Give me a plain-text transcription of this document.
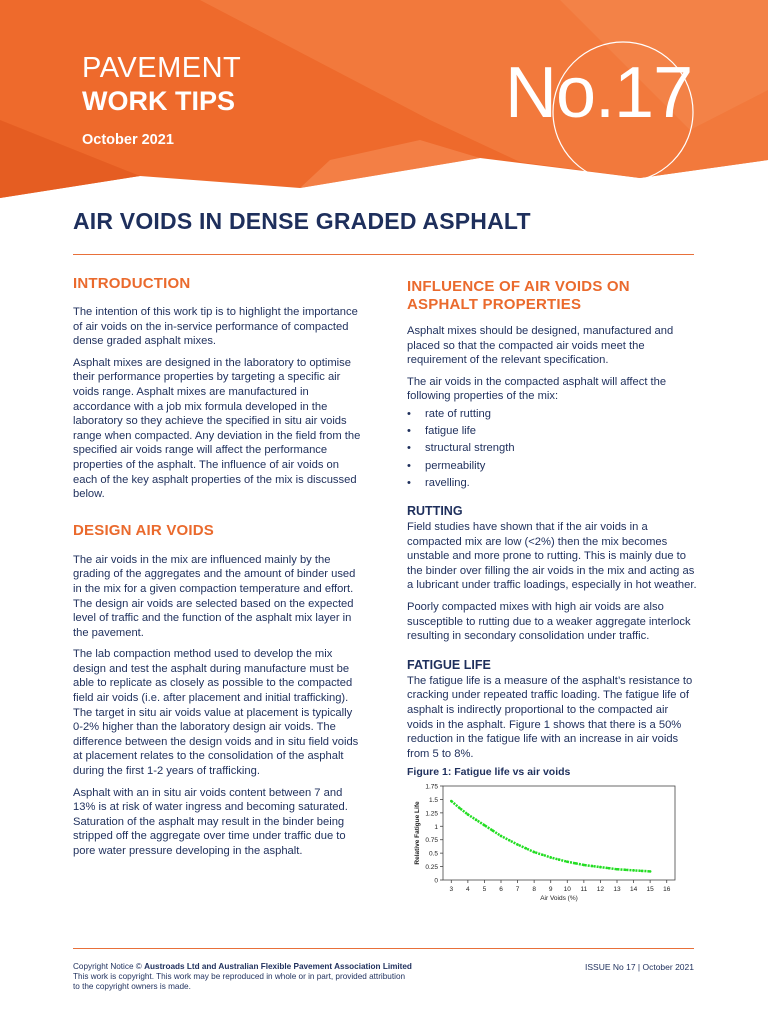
PAVEMENT
WORK TIPS
October 2021
No.17
AIR VOIDS IN DENSE GRADED ASPHALT
INTRODUCTION

The intention of this work tip is to highlight the importance of air voids on the in-service performance of compacted dense graded asphalt mixes.

Asphalt mixes are designed in the laboratory to optimise their performance properties by targeting a specific air voids range. Asphalt mixes are manufactured in accordance with a job mix formula developed in the laboratory so they achieve the specified in situ air voids range when compacted. Any deviation in the field from the specified air voids range will affect the performance properties of the asphalt. The influence of air voids on each of the key asphalt properties of the mix is discussed below.

DESIGN AIR VOIDS

The air voids in the mix are influenced mainly by the grading of the aggregates and the amount of binder used in the mix for a given compaction temperature and effort. The design air voids are selected based on the expected level of traffic and the function of the asphalt mix layer in the pavement.

The lab compaction method used to develop the mix design and test the asphalt during manufacture must be able to replicate as closely as possible to the compacted field air voids (i.e. after placement and initial trafficking). The target in situ air voids value at placement is typically 0-2% higher than the laboratory design air voids. The difference between the design voids and in situ field voids at placement relates to the consolidation of the asphalt during the first 1-2 years of trafficking.

Asphalt with an in situ air voids content between 7 and 13% is at risk of water ingress and becoming saturated. Saturation of the asphalt may result in the binder being stripped off the aggregate over time under traffic due to pore water pressure developing in the asphalt.

INFLUENCE OF AIR VOIDS ON ASPHALT PROPERTIES

Asphalt mixes should be designed, manufactured and placed so that the compacted air voids meet the requirement of the relevant specification.

The air voids in the compacted asphalt will affect the following properties of the mix:

• rate of rutting
• fatigue life
• structural strength
• permeability
• ravelling.
RUTTING

Field studies have shown that if the air voids in a compacted mix are low (<2%) then the mix becomes unstable and more prone to rutting. This is mainly due to the binder over filling the air voids in the mix and acting as a lubricant under traffic loadings, especially in hot weather.

Poorly compacted mixes with high air voids are also susceptible to rutting due to a weaker aggregate interlock resulting in secondary consolidation under traffic.

FATIGUE LIFE

The fatigue life is a measure of the asphalt’s resistance to cracking under repeated traffic loading. The fatigue life of asphalt is indirectly proportional to the compacted air voids in the asphalt. Figure 1 shows that there is a 50% reduction in the fatigue life with an increase in air voids from 5 to 8%.

Figure 1: Fatigue life vs air voids
0
0.25
0.5
0.75
1
1.25
1.5
1.75
3 4 5 6 7 8 9 10 11 12 13 14 15 16
Air Voids (%)
Relative Fatigue Life
Copyright Notice © Austroads Ltd and Australian Flexible Pavement Association Limited
This work is copyright. This work may be reproduced in whole or in part, provided attribution
to the copyright owners is made.
ISSUE No 17 | October 2021
